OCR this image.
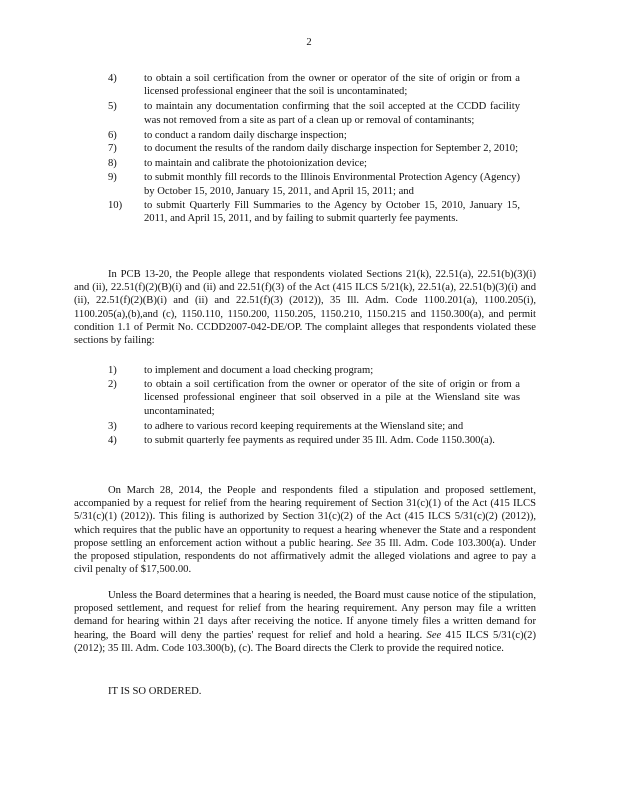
2
4)	to obtain a soil certification from the owner or operator of the site of origin or from a licensed professional engineer that the soil is uncontaminated;
5)	to maintain any documentation confirming that the soil accepted at the CCDD facility was not removed from a site as part of a clean up or removal of contaminants;
6)	to conduct a random daily discharge inspection;
7)	to document the results of the random daily discharge inspection for September 2, 2010;
8)	to maintain and calibrate the photoionization device;
9)	to submit monthly fill records to the Illinois Environmental Protection Agency (Agency) by October 15, 2010, January 15, 2011, and April 15, 2011; and
10) to submit Quarterly Fill Summaries to the Agency by October 15, 2010, January 15, 2011, and April 15, 2011, and by failing to submit quarterly fee payments.
In PCB 13-20, the People allege that respondents violated Sections 21(k), 22.51(a), 22.51(b)(3)(i) and (ii), 22.51(f)(2)(B)(i) and (ii) and 22.51(f)(3) of the Act (415 ILCS 5/21(k), 22.51(a), 22.51(b)(3)(i) and (ii), 22.51(f)(2)(B)(i) and (ii) and 22.51(f)(3) (2012)), 35 Ill. Adm. Code 1100.201(a), 1100.205(i), 1100.205(a),(b),and (c), 1150.110, 1150.200, 1150.205, 1150.210, 1150.215 and 1150.300(a), and permit condition 1.1 of Permit No. CCDD2007-042-DE/OP. The complaint alleges that respondents violated these sections by failing:
1)	to implement and document a load checking program;
2)	to obtain a soil certification from the owner or operator of the site of origin or from a licensed professional engineer that soil observed in a pile at the Wiensland site was uncontaminated;
3)	to adhere to various record keeping requirements at the Wiensland site; and
4)	to submit quarterly fee payments as required under 35 Ill. Adm. Code 1150.300(a).
On March 28, 2014, the People and respondents filed a stipulation and proposed settlement, accompanied by a request for relief from the hearing requirement of Section 31(c)(1) of the Act (415 ILCS 5/31(c)(1) (2012)). This filing is authorized by Section 31(c)(2) of the Act (415 ILCS 5/31(c)(2) (2012)), which requires that the public have an opportunity to request a hearing whenever the State and a respondent propose settling an enforcement action without a public hearing. See 35 Ill. Adm. Code 103.300(a). Under the proposed stipulation, respondents do not affirmatively admit the alleged violations and agree to pay a civil penalty of $17,500.00.
Unless the Board determines that a hearing is needed, the Board must cause notice of the stipulation, proposed settlement, and request for relief from the hearing requirement. Any person may file a written demand for hearing within 21 days after receiving the notice. If anyone timely files a written demand for hearing, the Board will deny the parties' request for relief and hold a hearing. See 415 ILCS 5/31(c)(2) (2012); 35 Ill. Adm. Code 103.300(b), (c). The Board directs the Clerk to provide the required notice.
IT IS SO ORDERED.
